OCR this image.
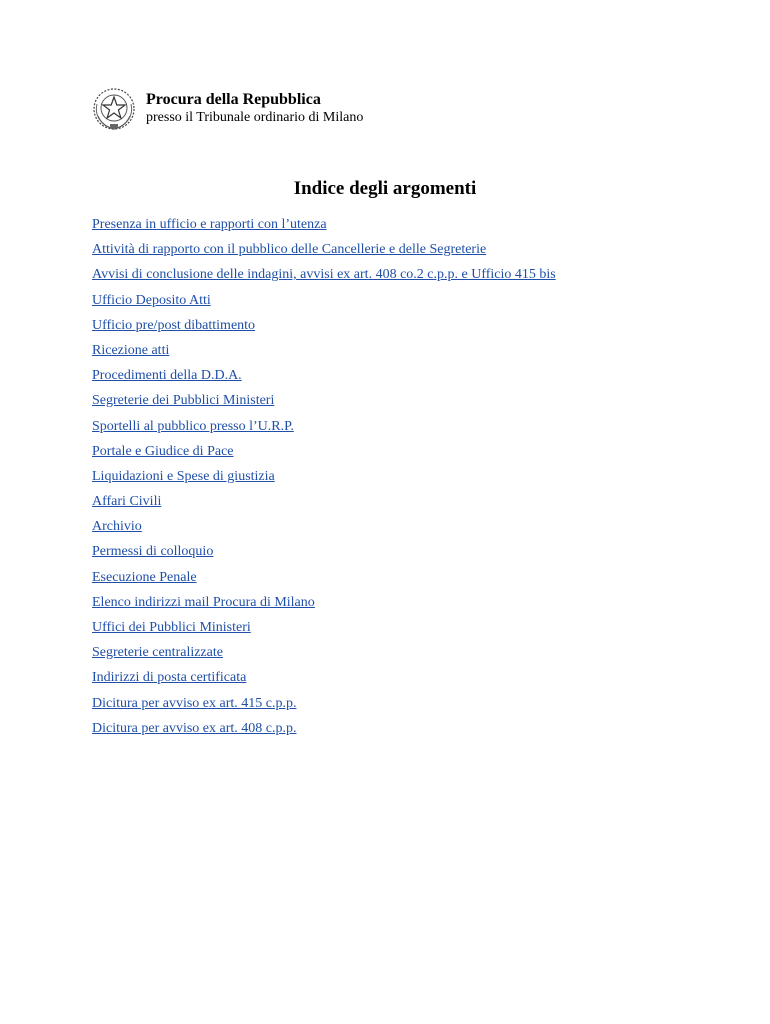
Procura della Repubblica

presso il Tribunale ordinario di Milano

Indice degli argomenti
Presenza in ufficio e rapporti con l’utenza
Attività di rapporto con il pubblico delle Cancellerie e delle Segreterie
Avvisi di conclusione delle indagini, avvisi ex art. 408 co.2 c.p.p. e Ufficio 415 bis
Ufficio Deposito Atti
Ufficio pre/post dibattimento
Ricezione atti
Procedimenti della D.D.A.
Segreterie dei Pubblici Ministeri
Sportelli al pubblico presso l’U.R.P.
Portale e Giudice di Pace
Liquidazioni e Spese di giustizia
Affari Civili
Archivio
Permessi di colloquio
Esecuzione Penale
Elenco indirizzi mail Procura di Milano
Uffici dei Pubblici Ministeri
Segreterie centralizzate
Indirizzi di posta certificata
Dicitura per avviso ex art. 415 c.p.p.
Dicitura per avviso ex art. 408 c.p.p.
